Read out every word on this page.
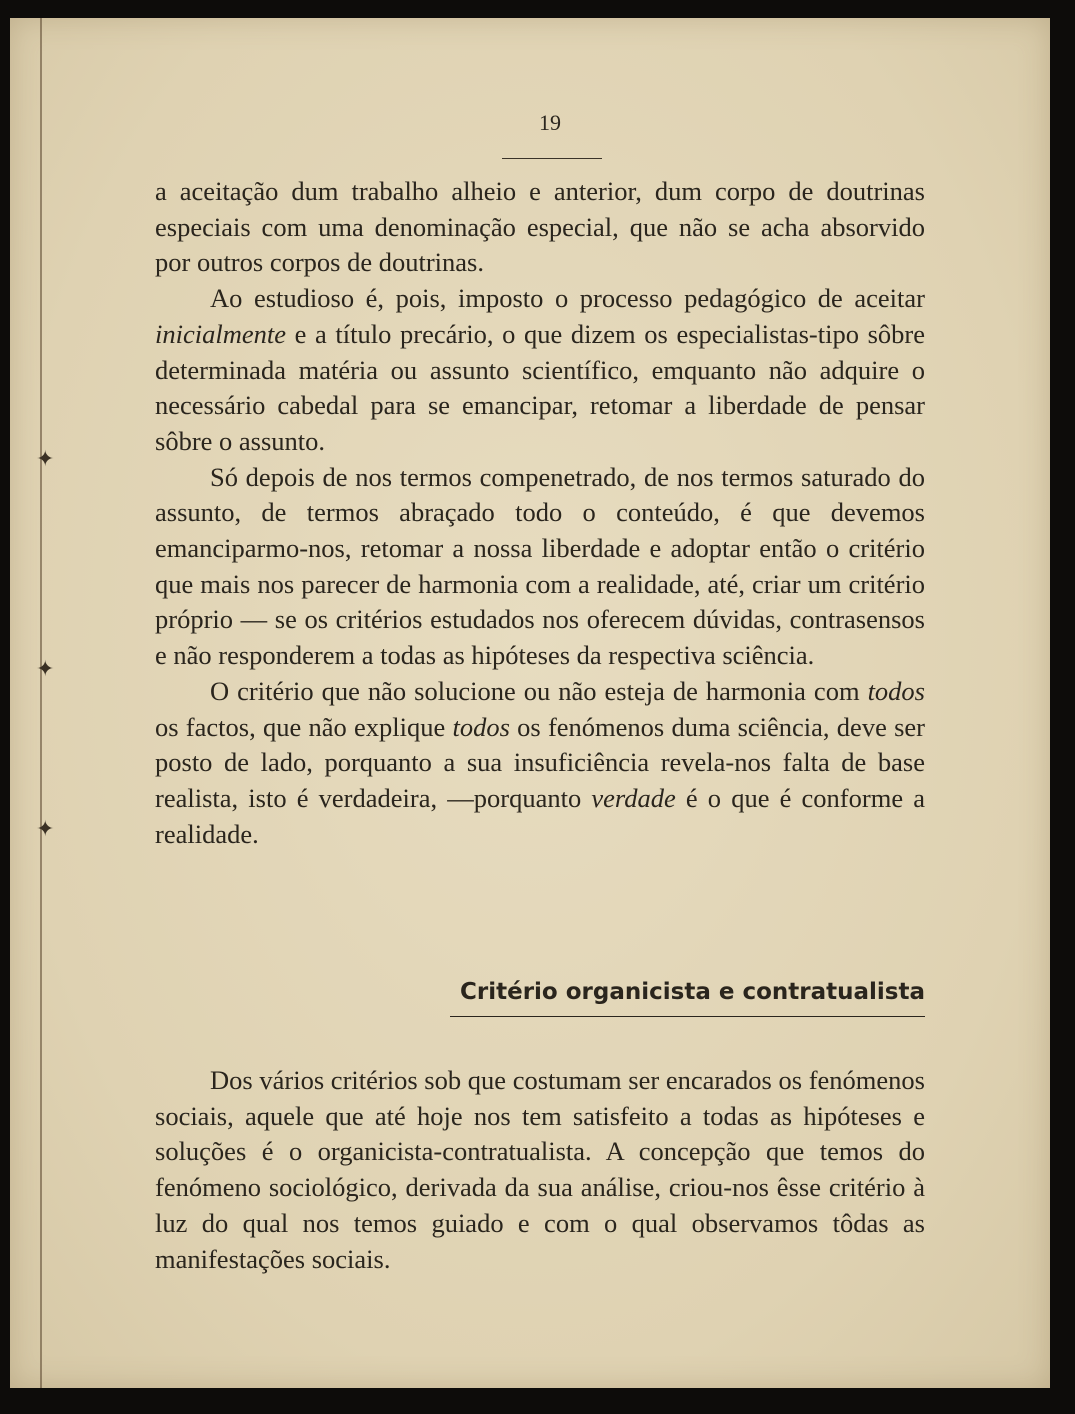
✦
✦
✦
19

a aceitação dum trabalho alheio e anterior, dum corpo de doutrinas especiais com uma denominação especial, que não se acha absorvido por outros corpos de doutrinas.

Ao estudioso é, pois, imposto o processo pedagógico de aceitar inicialmente e a título precário, o que dizem os especialistas-tipo sôbre determinada matéria ou assunto scientífico, emquanto não adquire o necessário cabedal para se emancipar, retomar a liberdade de pensar sôbre o assunto.

Só depois de nos termos compenetrado, de nos termos saturado do assunto, de termos abraçado todo o conteúdo, é que devemos emanciparmo-nos, retomar a nossa liberdade e adoptar então o critério que mais nos parecer de harmonia com a realidade, até, criar um critério próprio — se os critérios estudados nos oferecem dúvidas, contrasensos e não responderem a todas as hipóteses da respectiva sciência.

O critério que não solucione ou não esteja de harmonia com todos os factos, que não explique todos os fenómenos duma sciência, deve ser posto de lado, porquanto a sua insuficiência revela-nos falta de base realista, isto é verdadeira, —porquanto verdade é o que é conforme a realidade.

Critério organicista e contratualista

Dos vários critérios sob que costumam ser encarados os fenómenos sociais, aquele que até hoje nos tem satisfeito a todas as hipóteses e soluções é o organicista-contratualista. A concepção que temos do fenómeno sociológico, derivada da sua análise, criou-nos êsse critério à luz do qual nos temos guiado e com o qual observamos tôdas as manifestações sociais.
